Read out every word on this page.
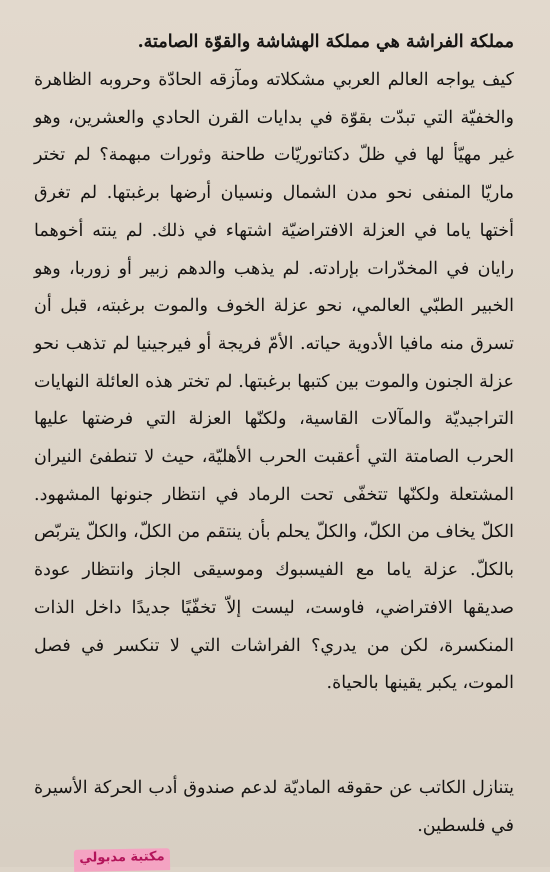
مملكة الفراشة هي مملكة الهشاشة والقوّة الصامتة.

كيف يواجه العالم العربي مشكلاته ومآزقه الحادّة وحروبه الظاهرة والخفيّة التي تبدّت بقوّة في بدايات القرن الحادي والعشرين، وهو غير مهيّأ لها في ظلّ دكتاتوريّات طاحنة وثورات مبهمة؟ لم تختر ماريّا المنفى نحو مدن الشمال ونسيان أرضها برغبتها. لم تغرق أختها ياما في العزلة الافتراضيّة اشتهاء في ذلك. لم ينته أخوهما رايان في المخدّرات بإرادته. لم يذهب والدهم زبير أو زوربا، وهو الخبير الطبّي العالمي، نحو عزلة الخوف والموت برغبته، قبل أن تسرق منه مافيا الأدوية حياته. الأمّ فريجة أو فيرجينيا لم تذهب نحو عزلة الجنون والموت بين كتبها برغبتها. لم تختر هذه العائلة النهايات التراجيديّة والمآلات القاسية، ولكنّها العزلة التي فرضتها عليها الحرب الصامتة التي أعقبت الحرب الأهليّة، حيث لا تنطفئ النيران المشتعلة ولكنّها تتخفّى تحت الرماد في انتظار جنونها المشهود. الكلّ يخاف من الكلّ، والكلّ يحلم بأن ينتقم من الكلّ، والكلّ يتربّص بالكلّ. عزلة ياما مع الفيسبوك وموسيقى الجاز وانتظار عودة صديقها الافتراضي، فاوست، ليست إلاّ تخفّيًا جديدًا داخل الذات المنكسرة، لكن من يدري؟ الفراشات التي لا تنكسر في فصل الموت، يكبر يقينها بالحياة.

يتنازل الكاتب عن حقوقه الماديّة لدعم صندوق أدب الحركة الأسيرة في فلسطين.

مكتبة مدبولي
